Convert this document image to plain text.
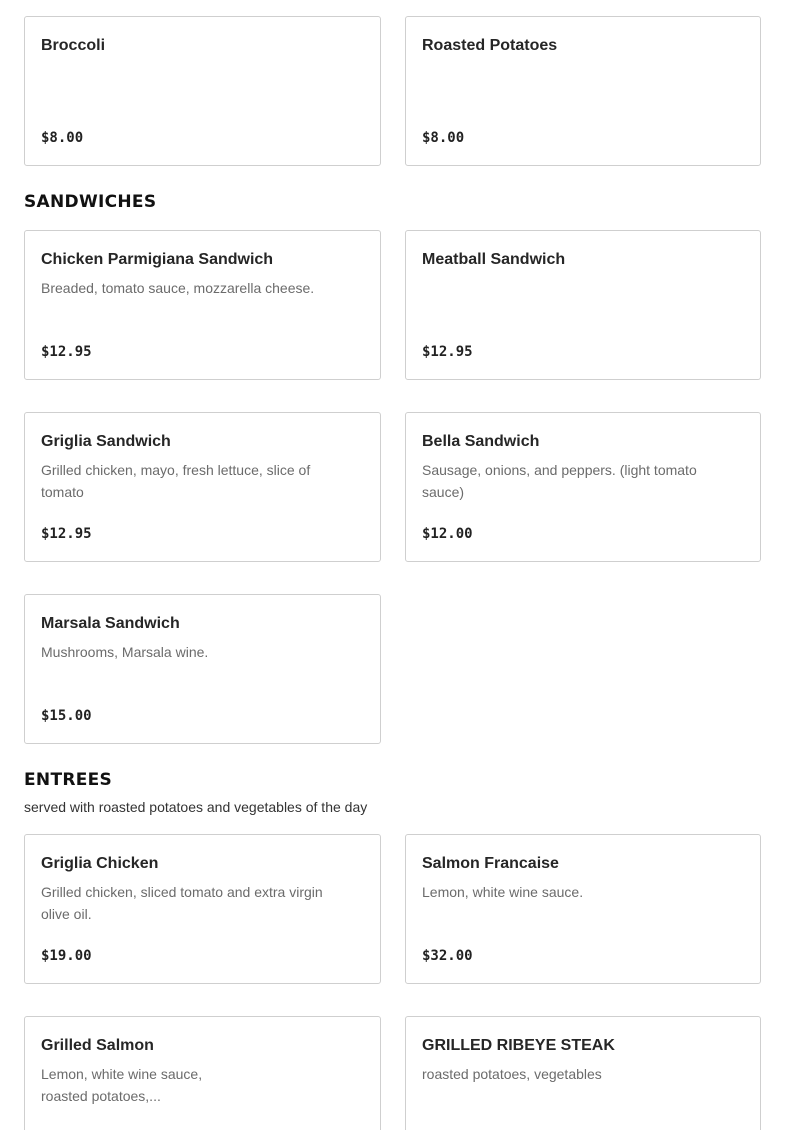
Broccoli
$8.00
Roasted Potatoes
$8.00
SANDWICHES
Chicken Parmigiana Sandwich
Breaded, tomato sauce, mozzarella cheese.
$12.95
Meatball Sandwich
$12.95
Griglia Sandwich
Grilled chicken, mayo, fresh lettuce, slice of tomato
$12.95
Bella Sandwich
Sausage, onions, and peppers. (light tomato sauce)
$12.00
Marsala Sandwich
Mushrooms, Marsala wine.
$15.00
ENTREES
served with roasted potatoes and vegetables of the day
Griglia Chicken
Grilled chicken, sliced tomato and extra virgin olive oil.
$19.00
Salmon Francaise
Lemon, white wine sauce.
$32.00
Grilled Salmon
Lemon, white wine sauce, roasted potatoes,...
GRILLED RIBEYE STEAK
roasted potatoes, vegetables
